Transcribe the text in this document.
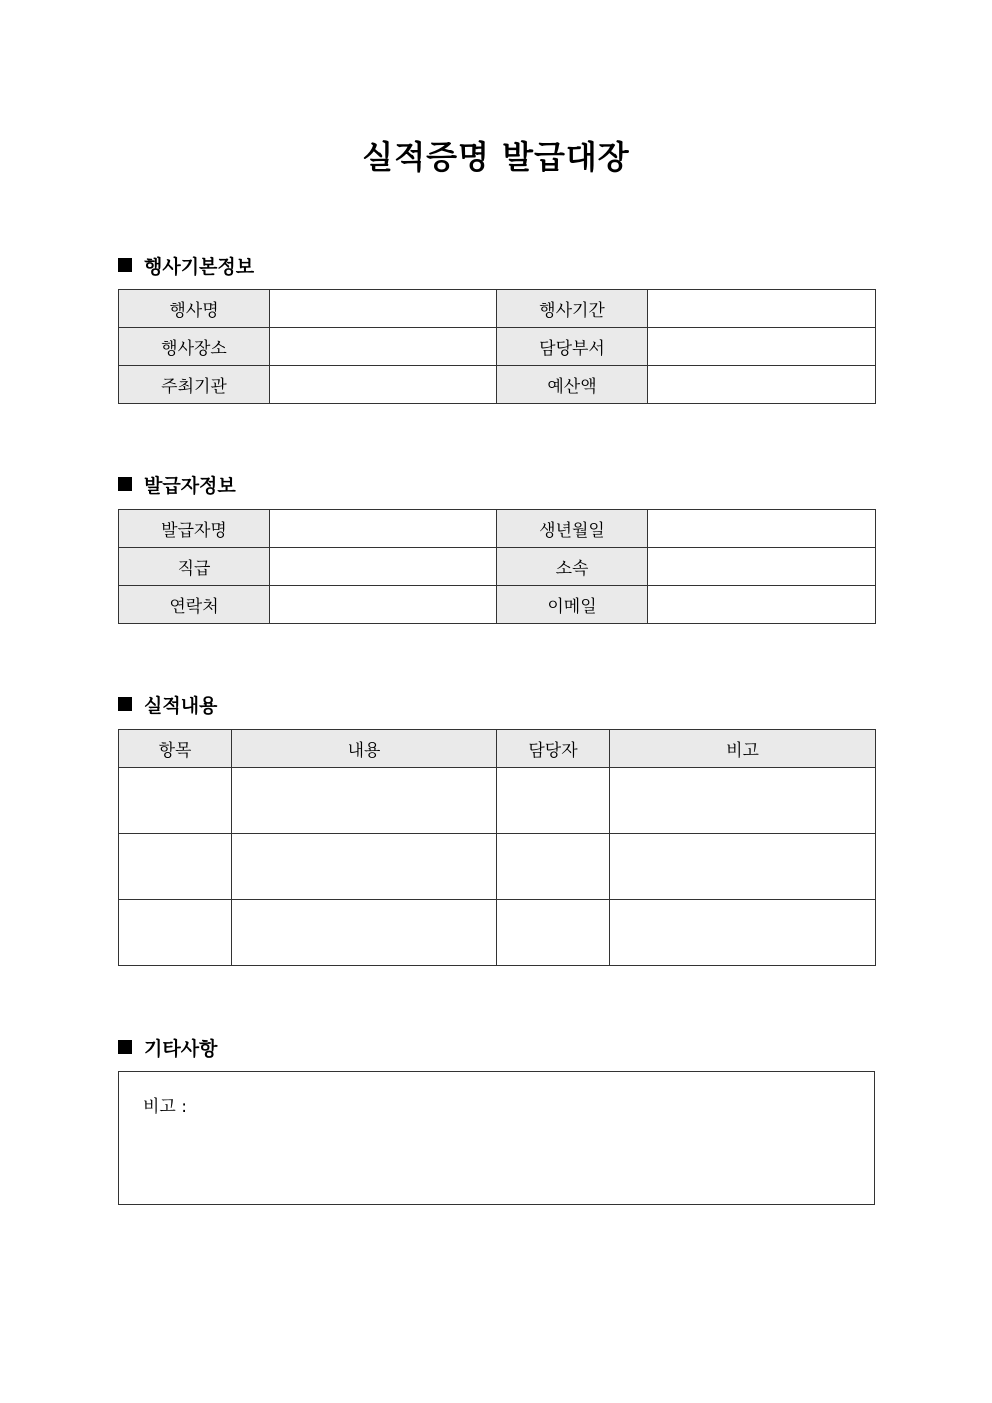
실적증명 발급대장
행사기본정보
행사명		행사기간	
행사장소		담당부서	
주최기관		예산액	
발급자정보
발급자명		생년월일	
직급		소속	
연락처		이메일	
실적내용
항목	내용	담당자	비고

기타사항
비고 :
